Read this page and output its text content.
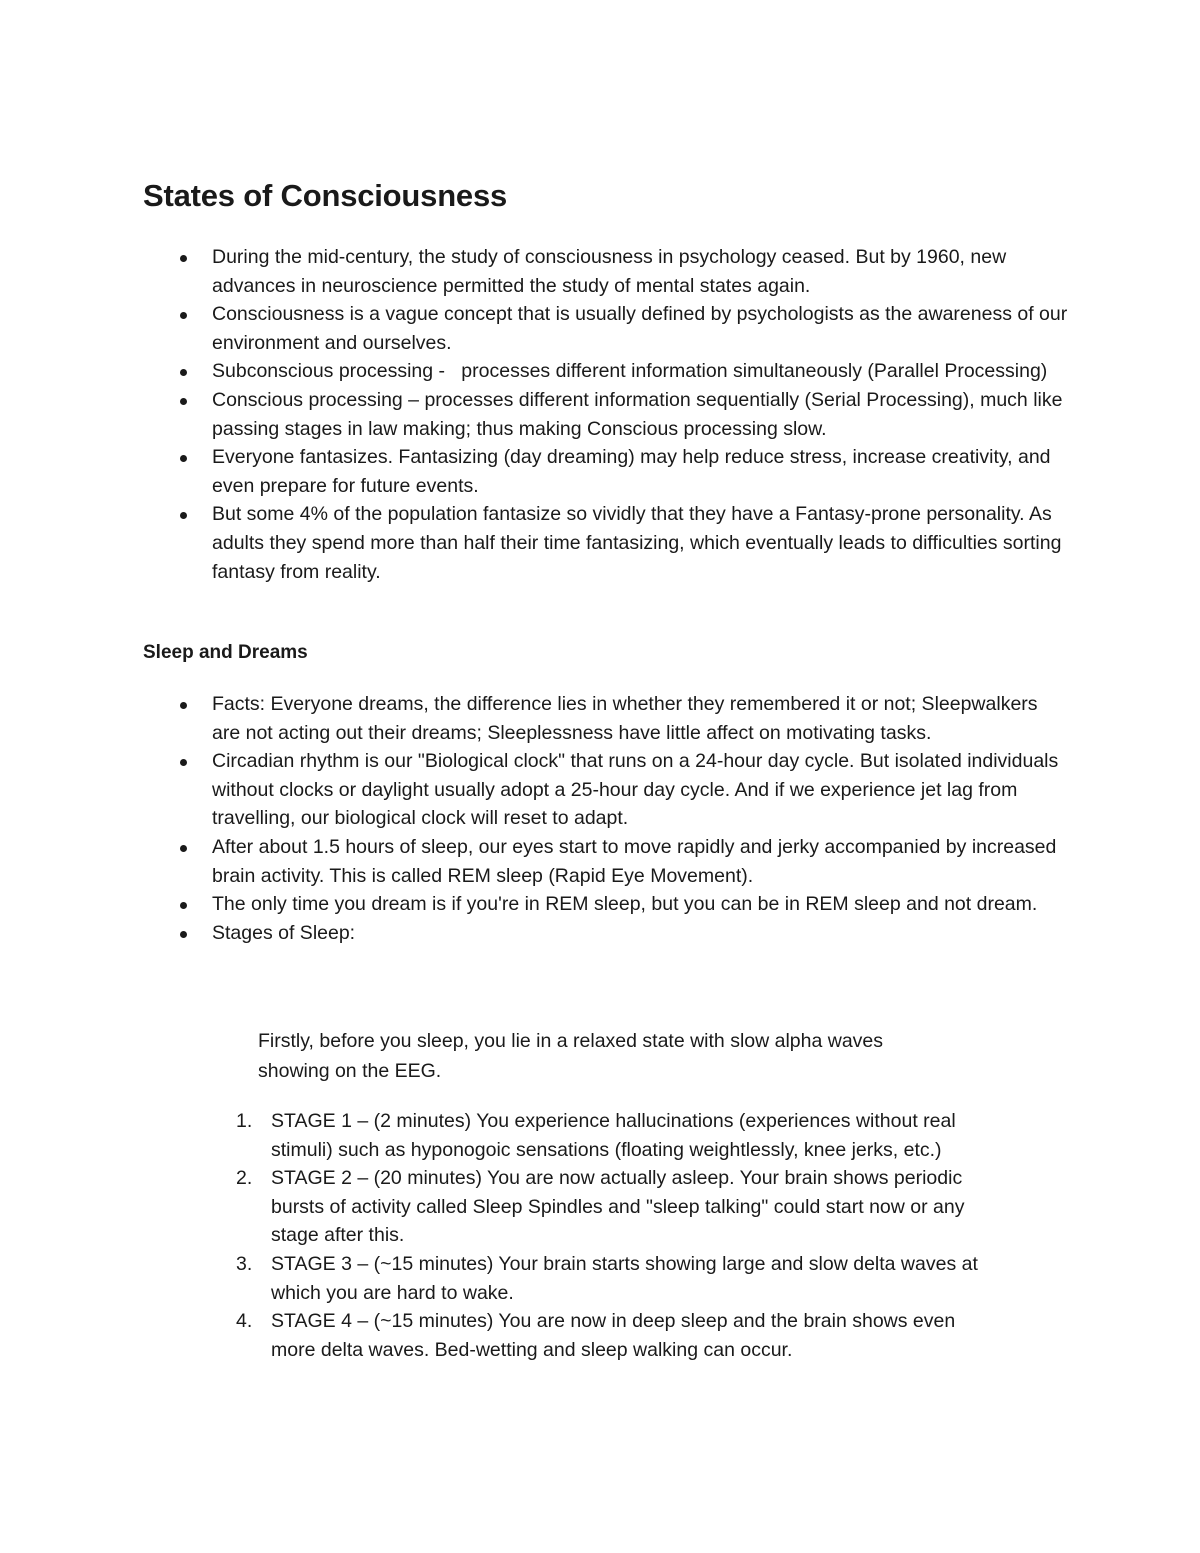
States of Consciousness
During the mid-century, the study of consciousness in psychology ceased. But by 1960, new advances in neuroscience permitted the study of mental states again.
Consciousness is a vague concept that is usually defined by psychologists as the awareness of our environment and ourselves.
Subconscious processing -   processes different information simultaneously (Parallel Processing)
Conscious processing – processes different information sequentially (Serial Processing), much like passing stages in law making; thus making Conscious processing slow.
Everyone fantasizes. Fantasizing (day dreaming) may help reduce stress, increase creativity, and even prepare for future events.
But some 4% of the population fantasize so vividly that they have a Fantasy-prone personality. As adults they spend more than half their time fantasizing, which eventually leads to difficulties sorting fantasy from reality.
Sleep and Dreams
Facts: Everyone dreams, the difference lies in whether they remembered it or not; Sleepwalkers are not acting out their dreams; Sleeplessness have little affect on motivating tasks.
Circadian rhythm is our "Biological clock" that runs on a 24-hour day cycle. But isolated individuals without clocks or daylight usually adopt a 25-hour day cycle. And if we experience jet lag from travelling, our biological clock will reset to adapt.
After about 1.5 hours of sleep, our eyes start to move rapidly and jerky accompanied by increased brain activity. This is called REM sleep (Rapid Eye Movement).
The only time you dream is if you're in REM sleep, but you can be in REM sleep and not dream.
Stages of Sleep:

Firstly, before you sleep, you lie in a relaxed state with slow alpha waves showing on the EEG.

1. STAGE 1 – (2 minutes) You experience hallucinations (experiences without real stimuli) such as hyponogoic sensations (floating weightlessly, knee jerks, etc.)
2. STAGE 2 – (20 minutes) You are now actually asleep. Your brain shows periodic bursts of activity called Sleep Spindles and "sleep talking" could start now or any stage after this.
3. STAGE 3 – (~15 minutes) Your brain starts showing large and slow delta waves at which you are hard to wake.
4. STAGE 4 – (~15 minutes) You are now in deep sleep and the brain shows even more delta waves. Bed-wetting and sleep walking can occur.
